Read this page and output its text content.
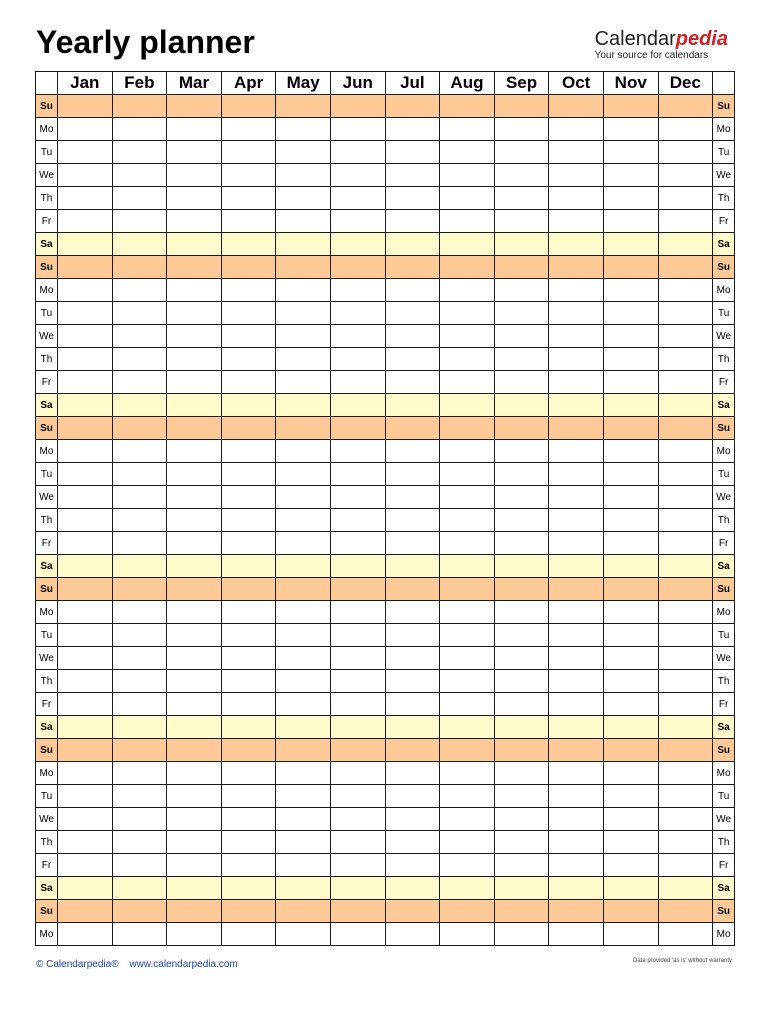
Yearly planner	Calendarpedia
Your source for calendars
	Jan	Feb	Mar	Apr	May	Jun	Jul	Aug	Sep	Oct	Nov	Dec	
Su													Su
Mo													Mo
Tu													Tu
We													We
Th													Th
Fr													Fr
Sa													Sa
Su													Su
Mo													Mo
Tu													Tu
We													We
Th													Th
Fr													Fr
Sa													Sa
Su													Su
Mo													Mo
Tu													Tu
We													We
Th													Th
Fr													Fr
Sa													Sa
Su													Su
Mo													Mo
Tu													Tu
We													We
Th													Th
Fr													Fr
Sa													Sa
Su													Su
Mo													Mo
Tu													Tu
We													We
Th													Th
Fr													Fr
Sa													Sa
Su													Su
Mo													Mo
© Calendarpedia® www.calendarpedia.com	Data provided 'as is' without warranty
